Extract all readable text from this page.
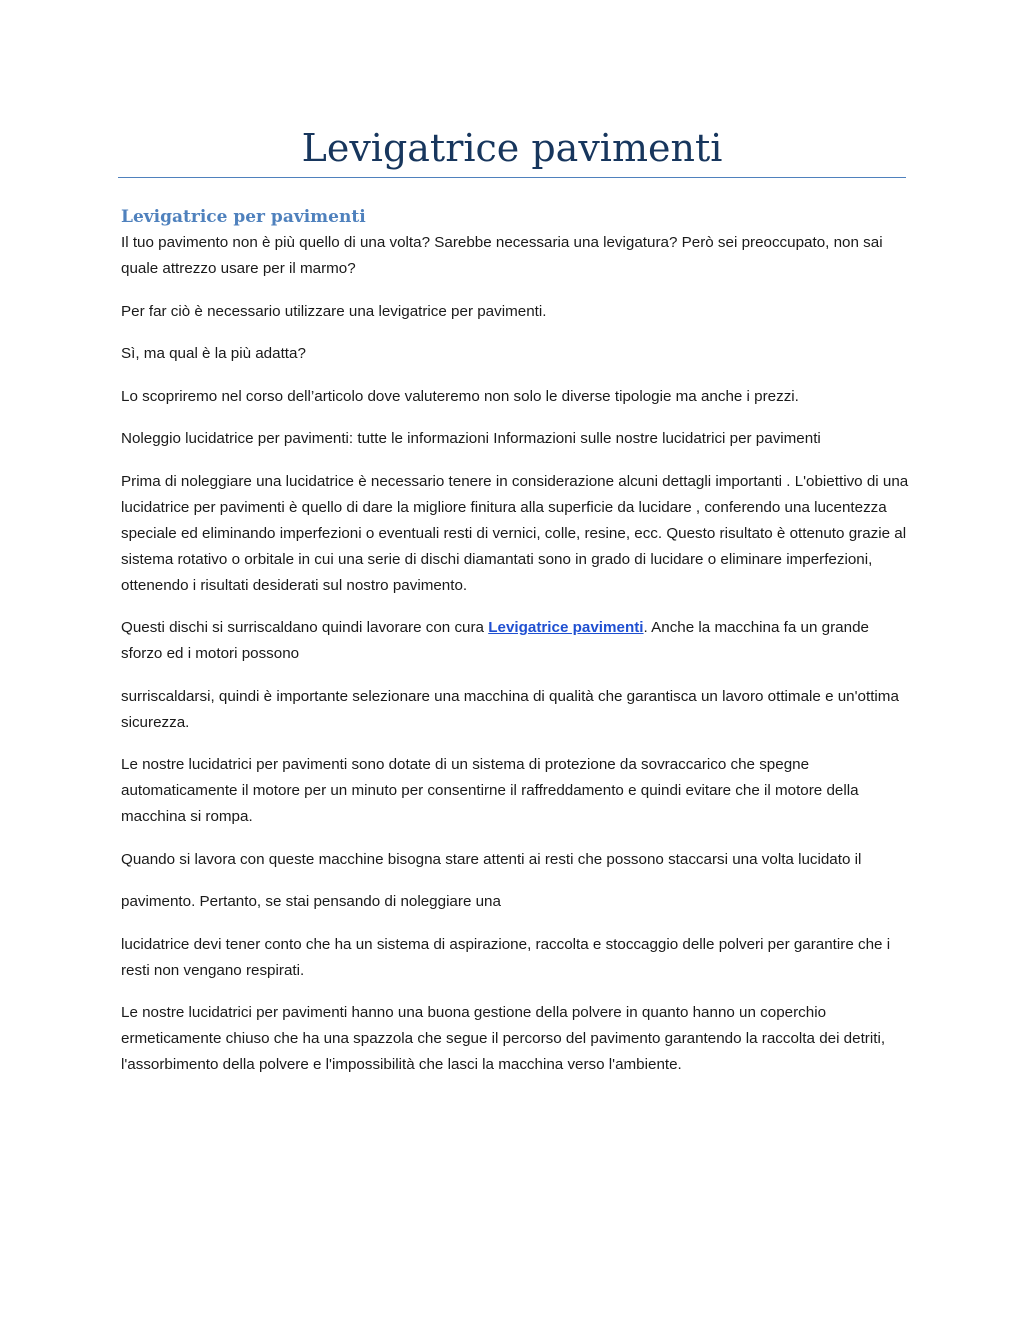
Levigatrice pavimenti
Levigatrice per pavimenti

Il tuo pavimento non è più quello di una volta? Sarebbe necessaria una levigatura? Però sei preoccupato, non sai quale attrezzo usare per il marmo?

Per far ciò è necessario utilizzare una levigatrice per pavimenti.

Sì, ma qual è la più adatta?

Lo scopriremo nel corso dell’articolo dove valuteremo non solo le diverse tipologie ma anche i prezzi.

Noleggio lucidatrice per pavimenti: tutte le informazioni Informazioni sulle nostre lucidatrici per pavimenti

Prima di noleggiare una lucidatrice è necessario tenere in considerazione alcuni dettagli importanti . L'obiettivo di una lucidatrice per pavimenti è quello di dare la migliore finitura alla superficie da lucidare , conferendo una lucentezza speciale ed eliminando imperfezioni o eventuali resti di vernici, colle, resine, ecc. Questo risultato è ottenuto grazie al sistema rotativo o orbitale in cui una serie di dischi diamantati sono in grado di lucidare o eliminare imperfezioni, ottenendo i risultati desiderati sul nostro pavimento.

Questi dischi si surriscaldano quindi lavorare con cura Levigatrice pavimenti. Anche la macchina fa un grande sforzo ed i motori possono

surriscaldarsi, quindi è importante selezionare una macchina di qualità che garantisca un lavoro ottimale e un'ottima sicurezza.

Le nostre lucidatrici per pavimenti sono dotate di un sistema di protezione da sovraccarico che spegne automaticamente il motore per un minuto per consentirne il raffreddamento e quindi evitare che il motore della macchina si rompa.

Quando si lavora con queste macchine bisogna stare attenti ai resti che possono staccarsi una volta lucidato il

pavimento. Pertanto, se stai pensando di noleggiare una

lucidatrice devi tener conto che ha un sistema di aspirazione, raccolta e stoccaggio delle polveri per garantire che i resti non vengano respirati.

Le nostre lucidatrici per pavimenti hanno una buona gestione della polvere in quanto hanno un coperchio ermeticamente chiuso che ha una spazzola che segue il percorso del pavimento garantendo la raccolta dei detriti, l'assorbimento della polvere e l'impossibilità che lasci la macchina verso l'ambiente.
